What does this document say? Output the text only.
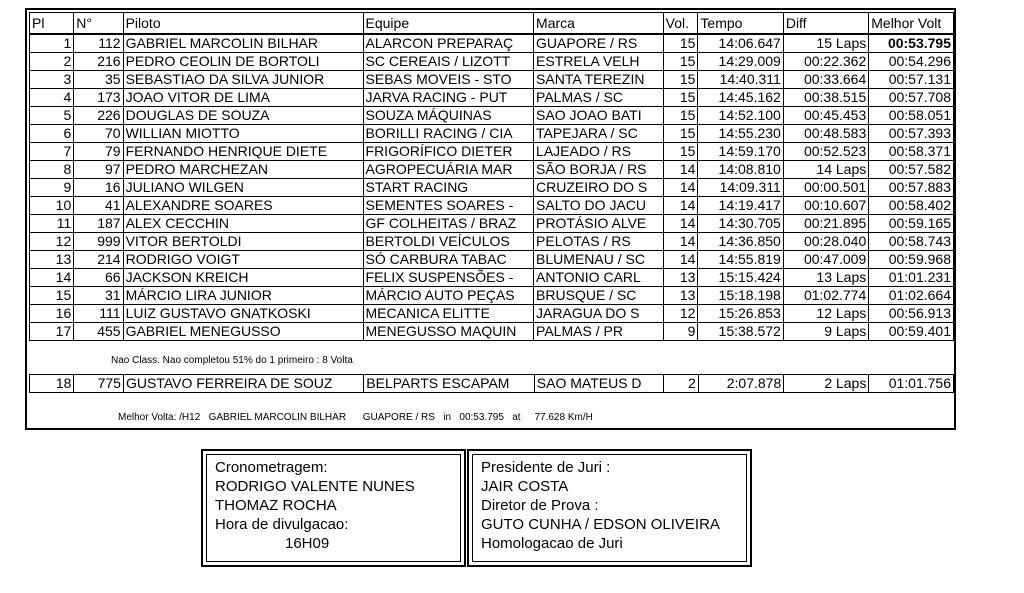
Pl	N°	Piloto	Equipe	Marca	Vol.	Tempo	Diff	Melhor Volt
1	112	GABRIEL MARCOLIN BILHAR	ALARCON PREPARAÇ	GUAPORE / RS	15	14:06.647	15 Laps	00:53.795
2	216	PEDRO CEOLIN DE BORTOLI	SC CEREAIS / LIZOTT	ESTRELA VELH	15	14:29.009	00:22.362	00:54.296
3	35	SEBASTIAO DA SILVA JUNIOR	SEBAS MOVEIS - STO	SANTA TEREZIN	15	14:40.311	00:33.664	00:57.131
4	173	JOAO VITOR DE LIMA	JARVA RACING - PUT	PALMAS / SC	15	14:45.162	00:38.515	00:57.708
5	226	DOUGLAS DE SOUZA	SOUZA MÁQUINAS	SAO JOAO BATI	15	14:52.100	00:45.453	00:58.051
6	70	WILLIAN MIOTTO	BORILLI RACING / CIA	TAPEJARA / SC	15	14:55.230	00:48.583	00:57.393
7	79	FERNANDO HENRIQUE DIETE	FRIGORÍFICO DIETER	LAJEADO / RS	15	14:59.170	00:52.523	00:58.371
8	97	PEDRO MARCHEZAN	AGROPECUÁRIA MAR	SÃO BORJA / RS	14	14:08.810	14 Laps	00:57.582
9	16	JULIANO WILGEN	START RACING	CRUZEIRO DO S	14	14:09.311	00:00.501	00:57.883
10	41	ALEXANDRE SOARES	SEMENTES SOARES -	SALTO DO JACU	14	14:19.417	00:10.607	00:58.402
11	187	ALEX CECCHIN	GF COLHEITAS / BRAZ	PROTÁSIO ALVE	14	14:30.705	00:21.895	00:59.165
12	999	VITOR BERTOLDI	BERTOLDI VEÍCULOS	PELOTAS / RS	14	14:36.850	00:28.040	00:58.743
13	214	RODRIGO VOIGT	SÓ CARBURA TABAC	BLUMENAU / SC	14	14:55.819	00:47.009	00:59.968
14	66	JACKSON KREICH	FELIX SUSPENSÕES -	ANTONIO CARL	13	15:15.424	13 Laps	01:01.231
15	31	MÁRCIO LIRA JUNIOR	MÁRCIO AUTO PEÇAS	BRUSQUE / SC	13	15:18.198	01:02.774	01:02.664
16	111	LUIZ GUSTAVO GNATKOSKI	MECANICA ELITTE	JARAGUA DO S	12	15:26.853	12 Laps	00:56.913
17	455	GABRIEL MENEGUSSO	MENEGUSSO MAQUIN	PALMAS / PR	9	15:38.572	9 Laps	00:59.401
Nao Class. Nao completou 51% do 1 primeiro : 8 Volta
18	775	GUSTAVO FERREIRA DE SOUZ	BELPARTS ESCAPAM	SAO MATEUS D	2	2:07.878	2 Laps	01:01.756
Melhor Volta: /H12   GABRIEL MARCOLIN BILHAR      GUAPORE / RS   in   00:53.795   at     77.628 Km/H
Cronometragem:
RODRIGO VALENTE NUNES
THOMAZ ROCHA
Hora de divulgacao:
16H09
Presidente de Juri :
JAIR COSTA
Diretor de Prova :
GUTO CUNHA / EDSON OLIVEIRA
Homologacao de Juri
